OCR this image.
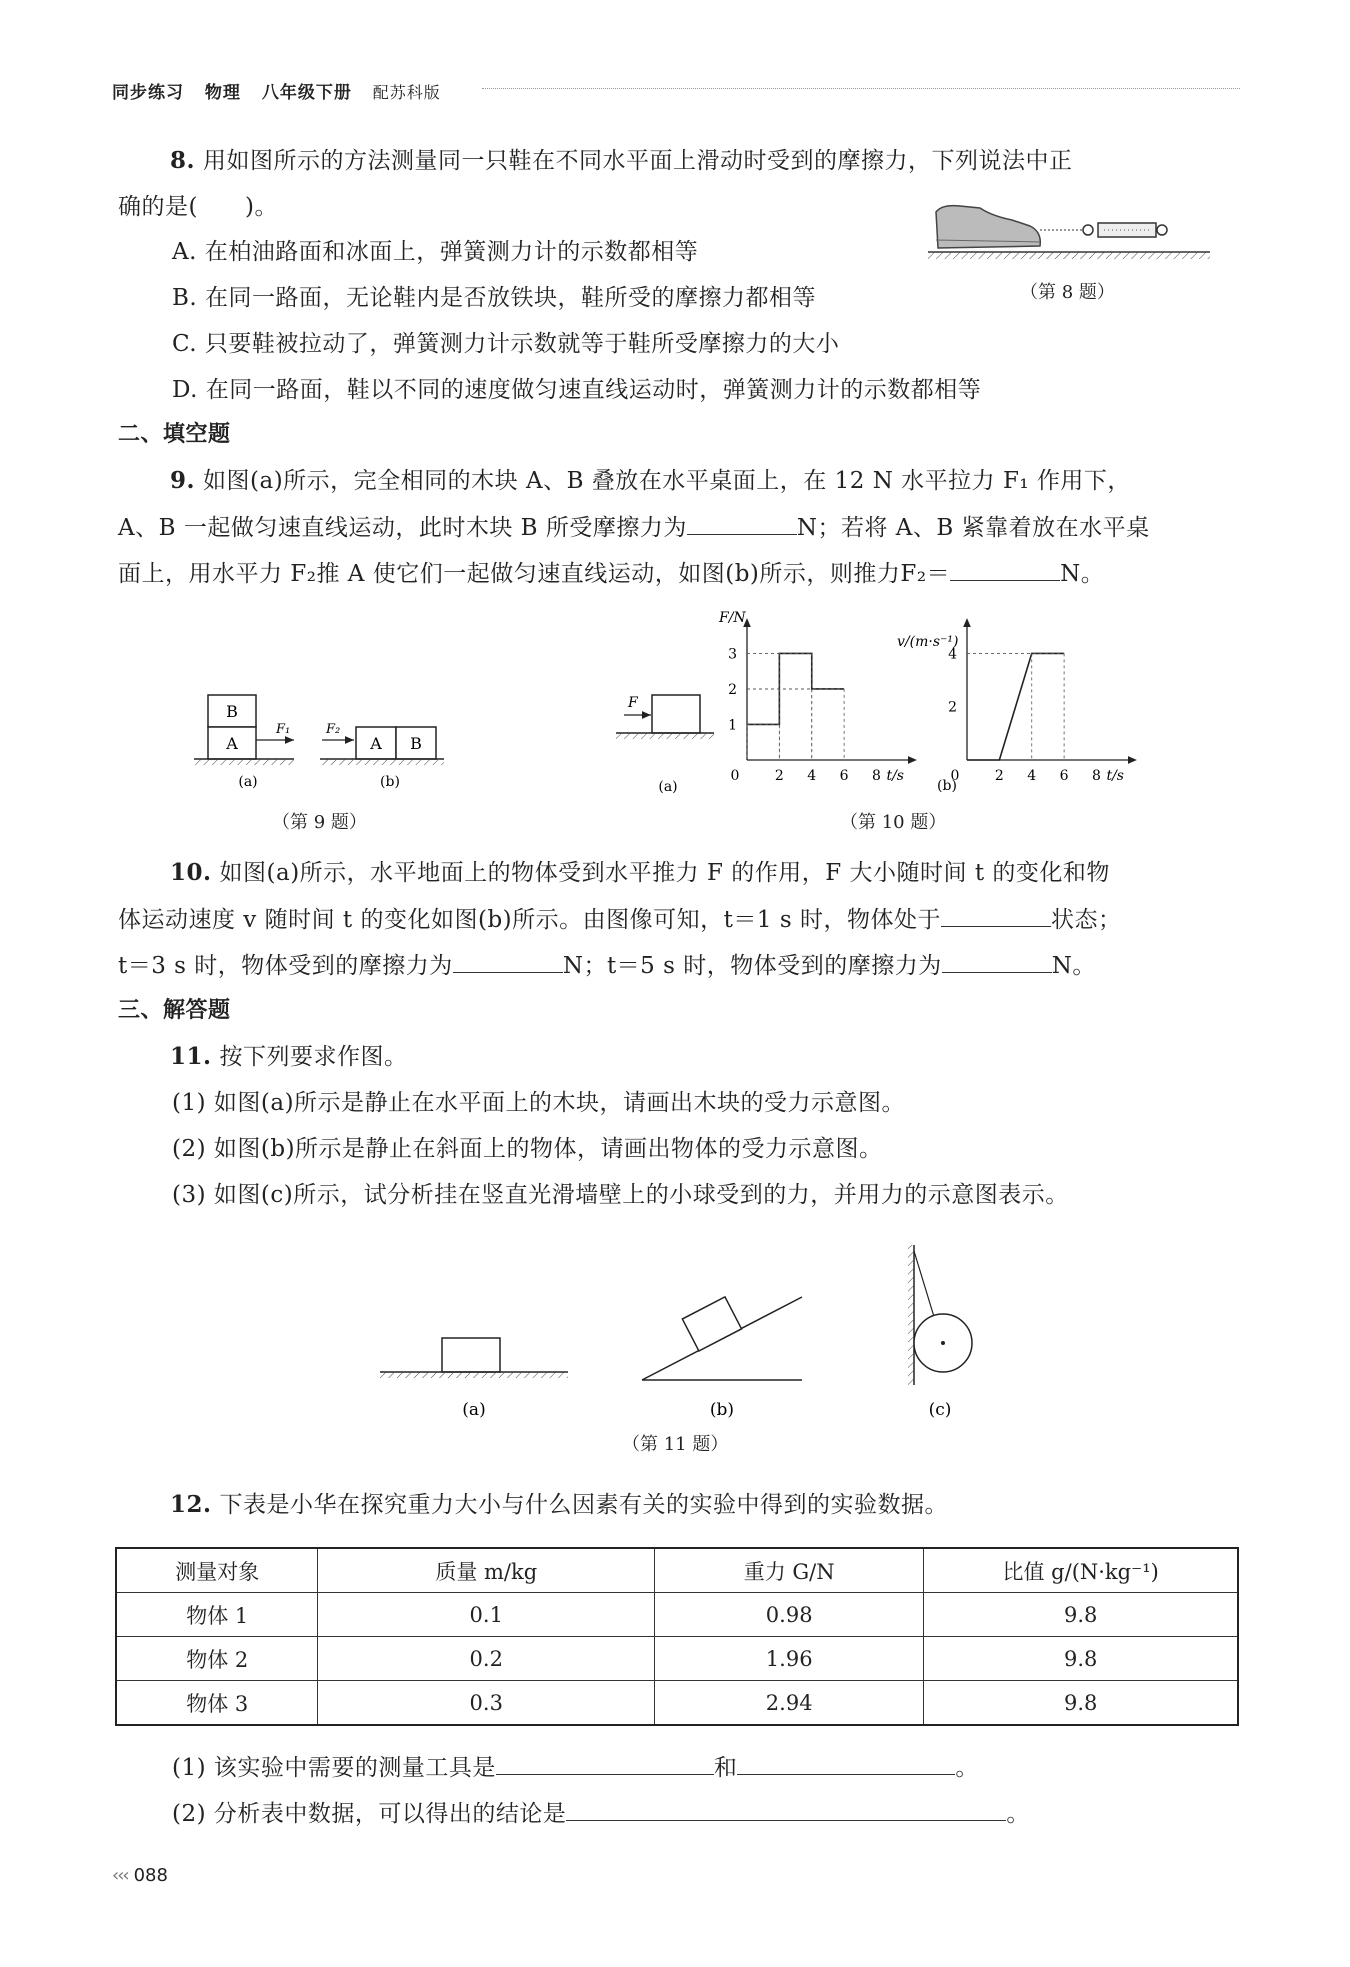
同步练习 物理 八年级下册 配苏科版
8. 用如图所示的方法测量同一只鞋在不同水平面上滑动时受到的摩擦力，下列说法中正
确的是(　　)。
A. 在柏油路面和冰面上，弹簧测力计的示数都相等
B. 在同一路面，无论鞋内是否放铁块，鞋所受的摩擦力都相等
C. 只要鞋被拉动了，弹簧测力计示数就等于鞋所受摩擦力的大小
D. 在同一路面，鞋以不同的速度做匀速直线运动时，弹簧测力计的示数都相等
（第 8 题）
二、填空题
9. 如图(a)所示，完全相同的木块 A、B 叠放在水平桌面上，在 12 N 水平拉力 F₁ 作用下，
A、B 一起做匀速直线运动，此时木块 B 所受摩擦力为	N；若将 A、B 紧靠着放在水平桌
面上，用水平力 F₂推 A 使它们一起做匀速直线运动，如图(b)所示，则推力F₂＝	N。
B
A
F₁	F₂
A B
(a)	(b)
（第 9 题）
F
(a)
0	2 4 6 8
1
2
3
t/s
F/N
0	2 4 6 8
2
4
t/s
v/(m·s⁻¹)
(b)
（第 10 题）
10. 如图(a)所示，水平地面上的物体受到水平推力 F 的作用，F 大小随时间 t 的变化和物
体运动速度 v 随时间 t 的变化如图(b)所示。由图像可知，t＝1 s 时，物体处于	状态；
t＝3 s 时，物体受到的摩擦力为	N；t＝5 s 时，物体受到的摩擦力为	N。
三、解答题
11. 按下列要求作图。
(1) 如图(a)所示是静止在水平面上的木块，请画出木块的受力示意图。
(2) 如图(b)所示是静止在斜面上的物体，请画出物体的受力示意图。
(3) 如图(c)所示，试分析挂在竖直光滑墙壁上的小球受到的力，并用力的示意图表示。
(a)	(b)	(c)
（第 11 题）
12. 下表是小华在探究重力大小与什么因素有关的实验中得到的实验数据。
测量对象	质量 m/kg	重力 G/N	比值 g/(N·kg⁻¹)
物体 1	0.1	0.98	9.8
物体 2	0.2	1.96	9.8
物体 3	0.3	2.94	9.8
(1) 该实验中需要的测量工具是	和	。
(2) 分析表中数据，可以得出的结论是	。
‹‹‹ 088
